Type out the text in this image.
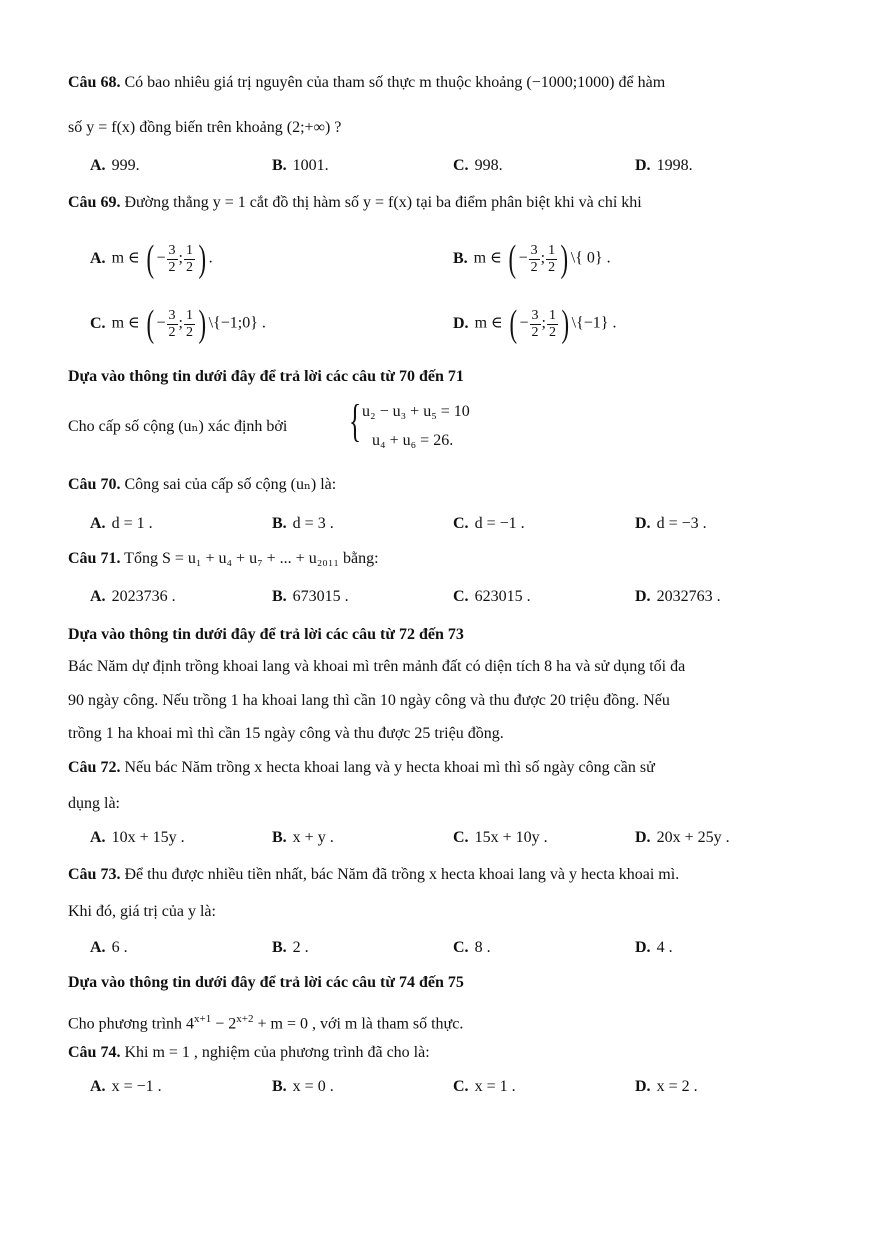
Câu 68. Có bao nhiêu giá trị nguyên của tham số thực m thuộc khoảng (−1000;1000) để hàm
số y = f(x) đồng biến trên khoảng (2;+∞) ?
A. 999.	B. 1001.	C. 998.	D. 1998.
Câu 69. Đường thẳng y = 1 cắt đồ thị hàm số y = f(x) tại ba điểm phân biệt khi và chỉ khi
A. m ∈ ( − $\frac{3}{2}$ ; $\frac{1}{2}$ ) .	B. m ∈ ( − $\frac{3}{2}$ ; $\frac{1}{2}$ ) \{ 0} .
C. m ∈ ( − $\frac{3}{2}$ ; $\frac{1}{2}$ ) \{−1;0} .	D. m ∈ ( − $\frac{3}{2}$ ; $\frac{1}{2}$ ) \{−1} .
Dựa vào thông tin dưới đây để trả lời các câu từ 70 đến 71
Cho cấp số cộng (uₙ) xác định bởi { u₂ − u₃ + u₅ = 10
u₄ + u₆ = 26.
Câu 70. Công sai của cấp số cộng (uₙ) là:
A. d = 1 .	B. d = 3 .	C. d = −1 .	D. d = −3 .
Câu 71. Tổng S = u₁ + u₄ + u₇ + ... + u₂₀₁₁ bằng:
A. 2023736 .	B. 673015 .	C. 623015 .	D. 2032763 .
Dựa vào thông tin dưới đây để trả lời các câu từ 72 đến 73
Bác Năm dự định trồng khoai lang và khoai mì trên mảnh đất có diện tích 8 ha và sử dụng tối đa
90 ngày công. Nếu trồng 1 ha khoai lang thì cần 10 ngày công và thu được 20 triệu đồng. Nếu
trồng 1 ha khoai mì thì cần 15 ngày công và thu được 25 triệu đồng.
Câu 72. Nếu bác Năm trồng x hecta khoai lang và y hecta khoai mì thì số ngày công cần sử
dụng là:
A. 10x + 15y .	B. x + y .	C. 15x + 10y .	D. 20x + 25y .
Câu 73. Để thu được nhiều tiền nhất, bác Năm đã trồng x hecta khoai lang và y hecta khoai mì.
Khi đó, giá trị của y là:
A. 6 .	B. 2 .	C. 8 .	D. 4 .
Dựa vào thông tin dưới đây để trả lời các câu từ 74 đến 75
Cho phương trình $4^{x+1} - 2^{x+2} + m = 0$ , với m là tham số thực.
Câu 74. Khi m = 1 , nghiệm của phương trình đã cho là:
A. x = −1 .	B. x = 0 .	C. x = 1 .	D. x = 2 .
